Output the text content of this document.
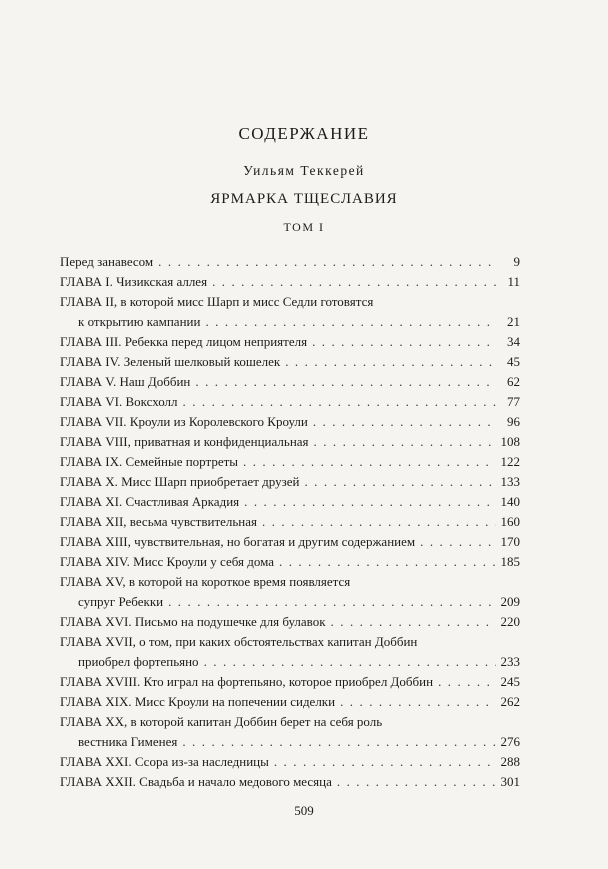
СОДЕРЖАНИЕ
Уильям Теккерей
ЯРМАРКА ТЩЕСЛАВИЯ
ТОМ I
Перед занавесом . . .	9
ГЛАВА I. Чизикская аллея . . .	11
ГЛАВА II, в которой мисс Шарп и мисс Седли готовятся
к открытию кампании . . .	21
ГЛАВА III. Ребекка перед лицом неприятеля . . .	34
ГЛАВА IV. Зеленый шелковый кошелек . . .	45
ГЛАВА V. Наш Доббин . . .	62
ГЛАВА VI. Воксхолл . . .	77
ГЛАВА VII. Кроули из Королевского Кроули . . .	96
ГЛАВА VIII, приватная и конфиденциальная . . .	108
ГЛАВА IX. Семейные портреты . . .	122
ГЛАВА X. Мисс Шарп приобретает друзей . . .	133
ГЛАВА XI. Счастливая Аркадия . . .	140
ГЛАВА XII, весьма чувствительная . . .	160
ГЛАВА XIII, чувствительная, но богатая и другим содержанием . . .	170
ГЛАВА XIV. Мисс Кроули у себя дома . . .	185
ГЛАВА XV, в которой на короткое время появляется
супруг Ребекки . . .	209
ГЛАВА XVI. Письмо на подушечке для булавок . . .	220
ГЛАВА XVII, о том, при каких обстоятельствах капитан Доббин
приобрел фортепьяно . . .	233
ГЛАВА XVIII. Кто играл на фортепьяно, которое приобрел Доббин . . .	245
ГЛАВА XIX. Мисс Кроули на попечении сиделки . . .	262
ГЛАВА XX, в которой капитан Доббин берет на себя роль
вестника Гименея . . .	276
ГЛАВА XXI. Ссора из-за наследницы . . .	288
ГЛАВА XXII. Свадьба и начало медового месяца . . .	301
509
